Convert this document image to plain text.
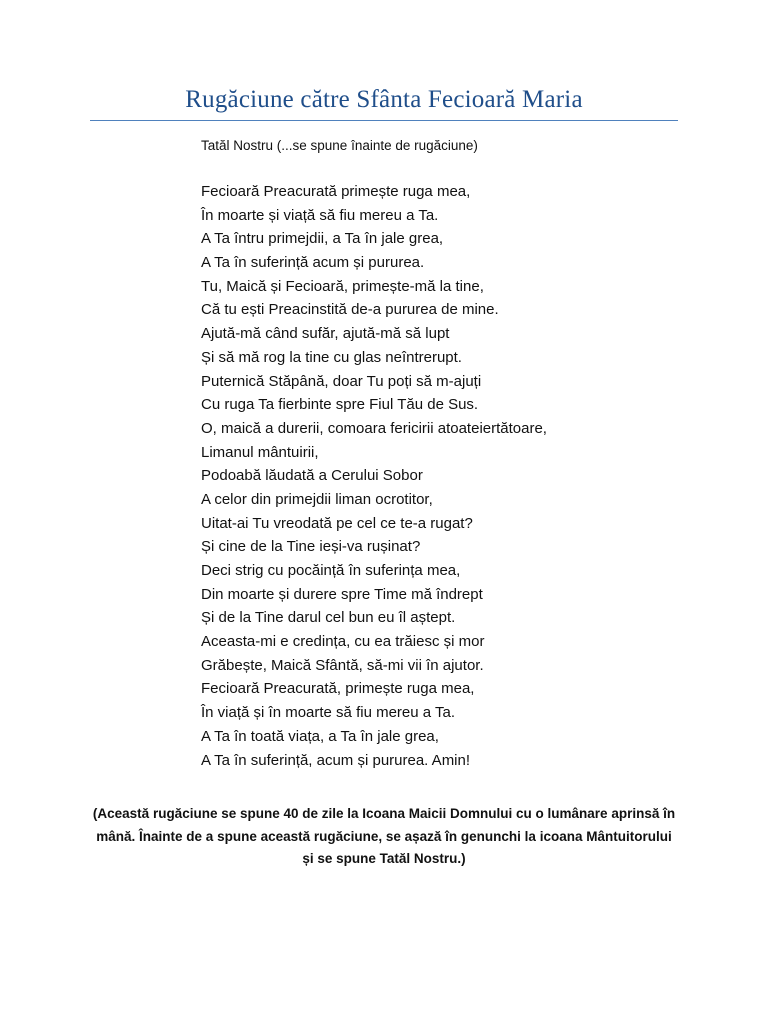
Rugăciune către Sfânta Fecioară Maria
Tatăl Nostru (...se spune înainte de rugăciune)
Fecioară Preacurată primește ruga mea,
În moarte și viață să fiu mereu a Ta.
A Ta întru primejdii, a Ta în jale grea,
A Ta în suferință acum și pururea.
Tu, Maică și Fecioară, primește-mă la tine,
Că tu ești Preacinstită de-a pururea de mine.
Ajută-mă când sufăr, ajută-mă să lupt
Și să mă rog la tine cu glas neîntrerupt.
Puternică Stăpână, doar Tu poți să m-ajuți
Cu ruga Ta fierbinte spre Fiul Tău de Sus.
O, maică a durerii, comoara fericirii atoateiertătoare,
Limanul mântuirii,
Podoabă lăudată a Cerului Sobor
A celor din primejdii liman ocrotitor,
Uitat-ai Tu vreodată pe cel ce te-a rugat?
Și cine de la Tine ieși-va rușinat?
Deci strig cu pocăință în suferința mea,
Din moarte și durere spre Time mă îndrept
Și de la Tine darul cel bun eu îl aștept.
Aceasta-mi e credința, cu ea trăiesc și mor
Grăbește, Maică Sfântă, să-mi vii în ajutor.
Fecioară Preacurată, primește ruga mea,
În viață și în moarte să fiu mereu a Ta.
A Ta în toată viața, a Ta în jale grea,
A Ta în suferință, acum și pururea. Amin!
(Această rugăciune se spune 40 de zile la Icoana Maicii Domnului cu o lumânare aprinsă în mână. Înainte de a spune această rugăciune, se așază în genunchi la icoana Mântuitorului și se spune Tatăl Nostru.)
